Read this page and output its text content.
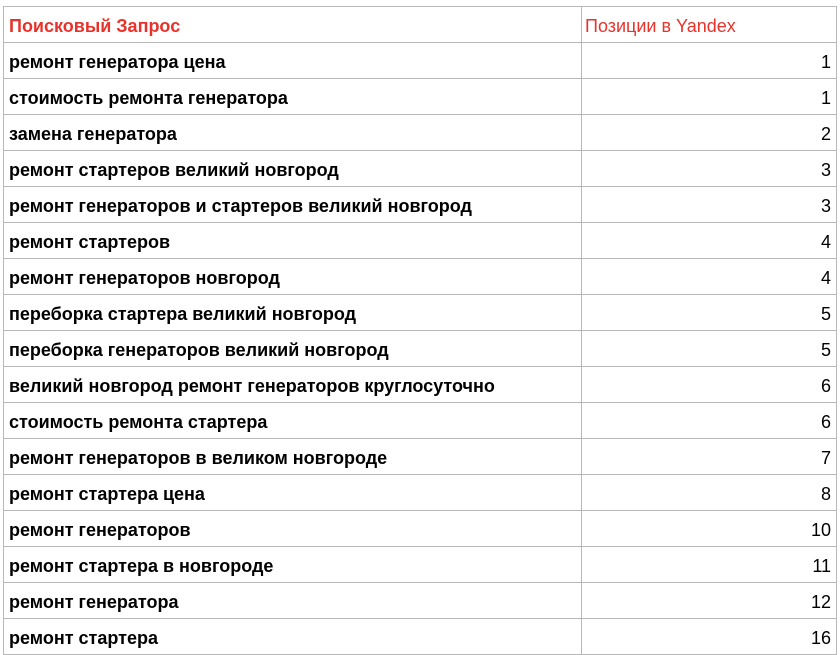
Поисковый Запрос	Позиции в Yandex
ремонт генератора цена	1
стоимость ремонта генератора	1
замена генератора	2
ремонт стартеров великий новгород	3
ремонт генераторов и стартеров великий новгород	3
ремонт стартеров	4
ремонт генераторов новгород	4
переборка стартера великий новгород	5
переборка генераторов великий новгород	5
великий новгород ремонт генераторов круглосуточно	6
стоимость ремонта стартера	6
ремонт генераторов в великом новгороде	7
ремонт стартера цена	8
ремонт генераторов	10
ремонт стартера в новгороде	11
ремонт генератора	12
ремонт стартера	16
